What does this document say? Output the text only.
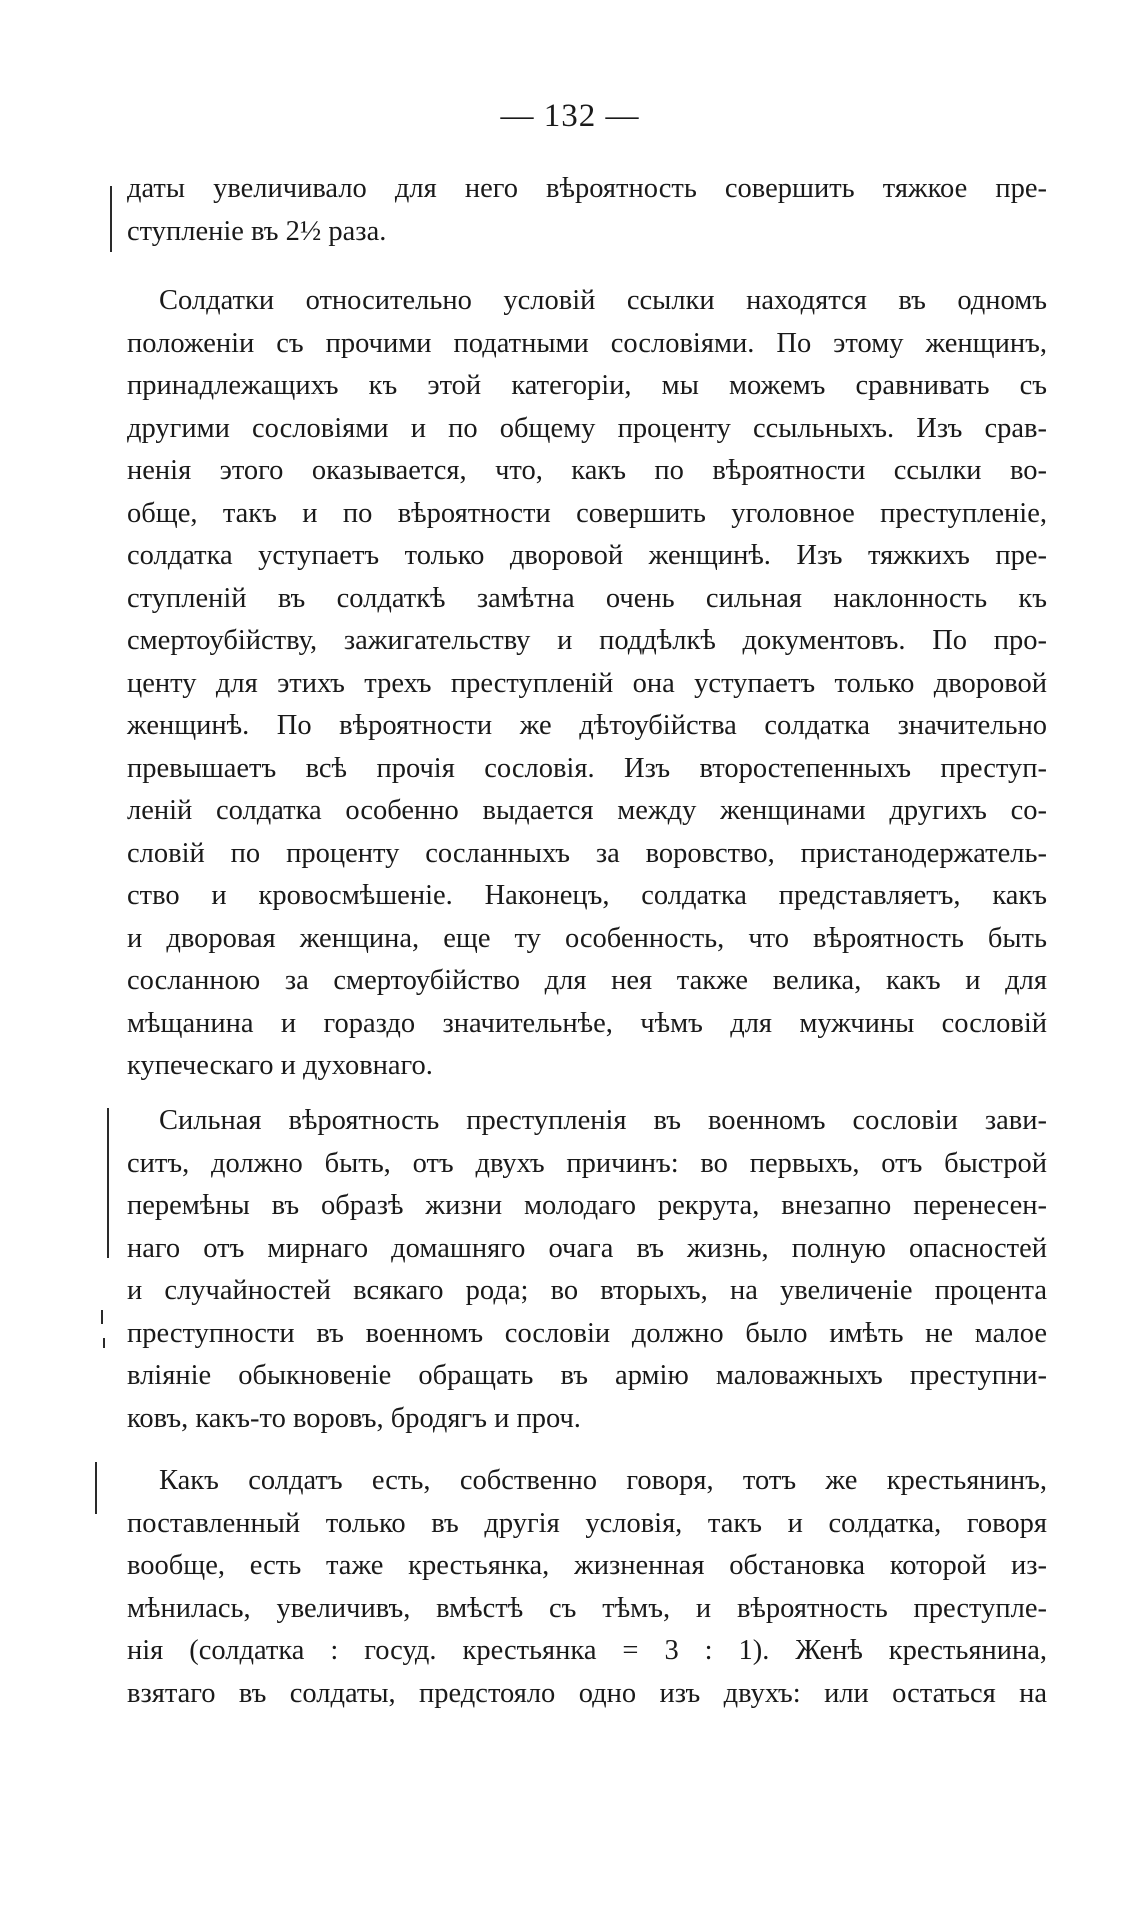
— 132 —
даты увеличивало для него вѣроятность совершить тяжкое пре-
ступленіе въ 2½ раза.
Солдатки относительно условій ссылки находятся въ одномъ
положеніи съ прочими податными сословіями. По этому женщинъ,
принадлежащихъ къ этой категоріи, мы можемъ сравнивать съ
другими сословіями и по общему проценту ссыльныхъ. Изъ срав-
ненія этого оказывается, что, какъ по вѣроятности ссылки во-
обще, такъ и по вѣроятности совершить уголовное преступленіе,
солдатка уступаетъ только дворовой женщинѣ. Изъ тяжкихъ пре-
ступленій въ солдаткѣ замѣтна очень сильная наклонность къ
смертоубійству, зажигательству и поддѣлкѣ документовъ. По про-
центу для этихъ трехъ преступленій она уступаетъ только дворовой
женщинѣ. По вѣроятности же дѣтоубійства солдатка значительно
превышаетъ всѣ прочія сословія. Изъ второстепенныхъ преступ-
леній солдатка особенно выдается между женщинами другихъ со-
словій по проценту сосланныхъ за воровство, пристанодержатель-
ство и кровосмѣшеніе. Наконецъ, солдатка представляетъ, какъ
и дворовая женщина, еще ту особенность, что вѣроятность быть
сосланною за смертоубійство для нея также велика, какъ и для
мѣщанина и гораздо значительнѣе, чѣмъ для мужчины сословій
купеческаго и духовнаго.
Сильная вѣроятность преступленія въ военномъ сословіи зави-
ситъ, должно быть, отъ двухъ причинъ: во первыхъ, отъ быстрой
перемѣны въ образѣ жизни молодаго рекрута, внезапно перенесен-
наго отъ мирнаго домашняго очага въ жизнь, полную опасностей
и случайностей всякаго рода; во вторыхъ, на увеличеніе процента
преступности въ военномъ сословіи должно было имѣть не малое
вліяніе обыкновеніе обращать въ армію маловажныхъ преступни-
ковъ, какъ-то воровъ, бродягъ и проч.
Какъ солдатъ есть, собственно говоря, тотъ же крестьянинъ,
поставленный только въ другія условія, такъ и солдатка, говоря
вообще, есть таже крестьянка, жизненная обстановка которой из-
мѣнилась, увеличивъ, вмѣстѣ съ тѣмъ, и вѣроятность преступле-
нія (солдатка : госуд. крестьянка = 3 : 1). Женѣ крестьянина,
взятаго въ солдаты, предстояло одно изъ двухъ: или остаться на
